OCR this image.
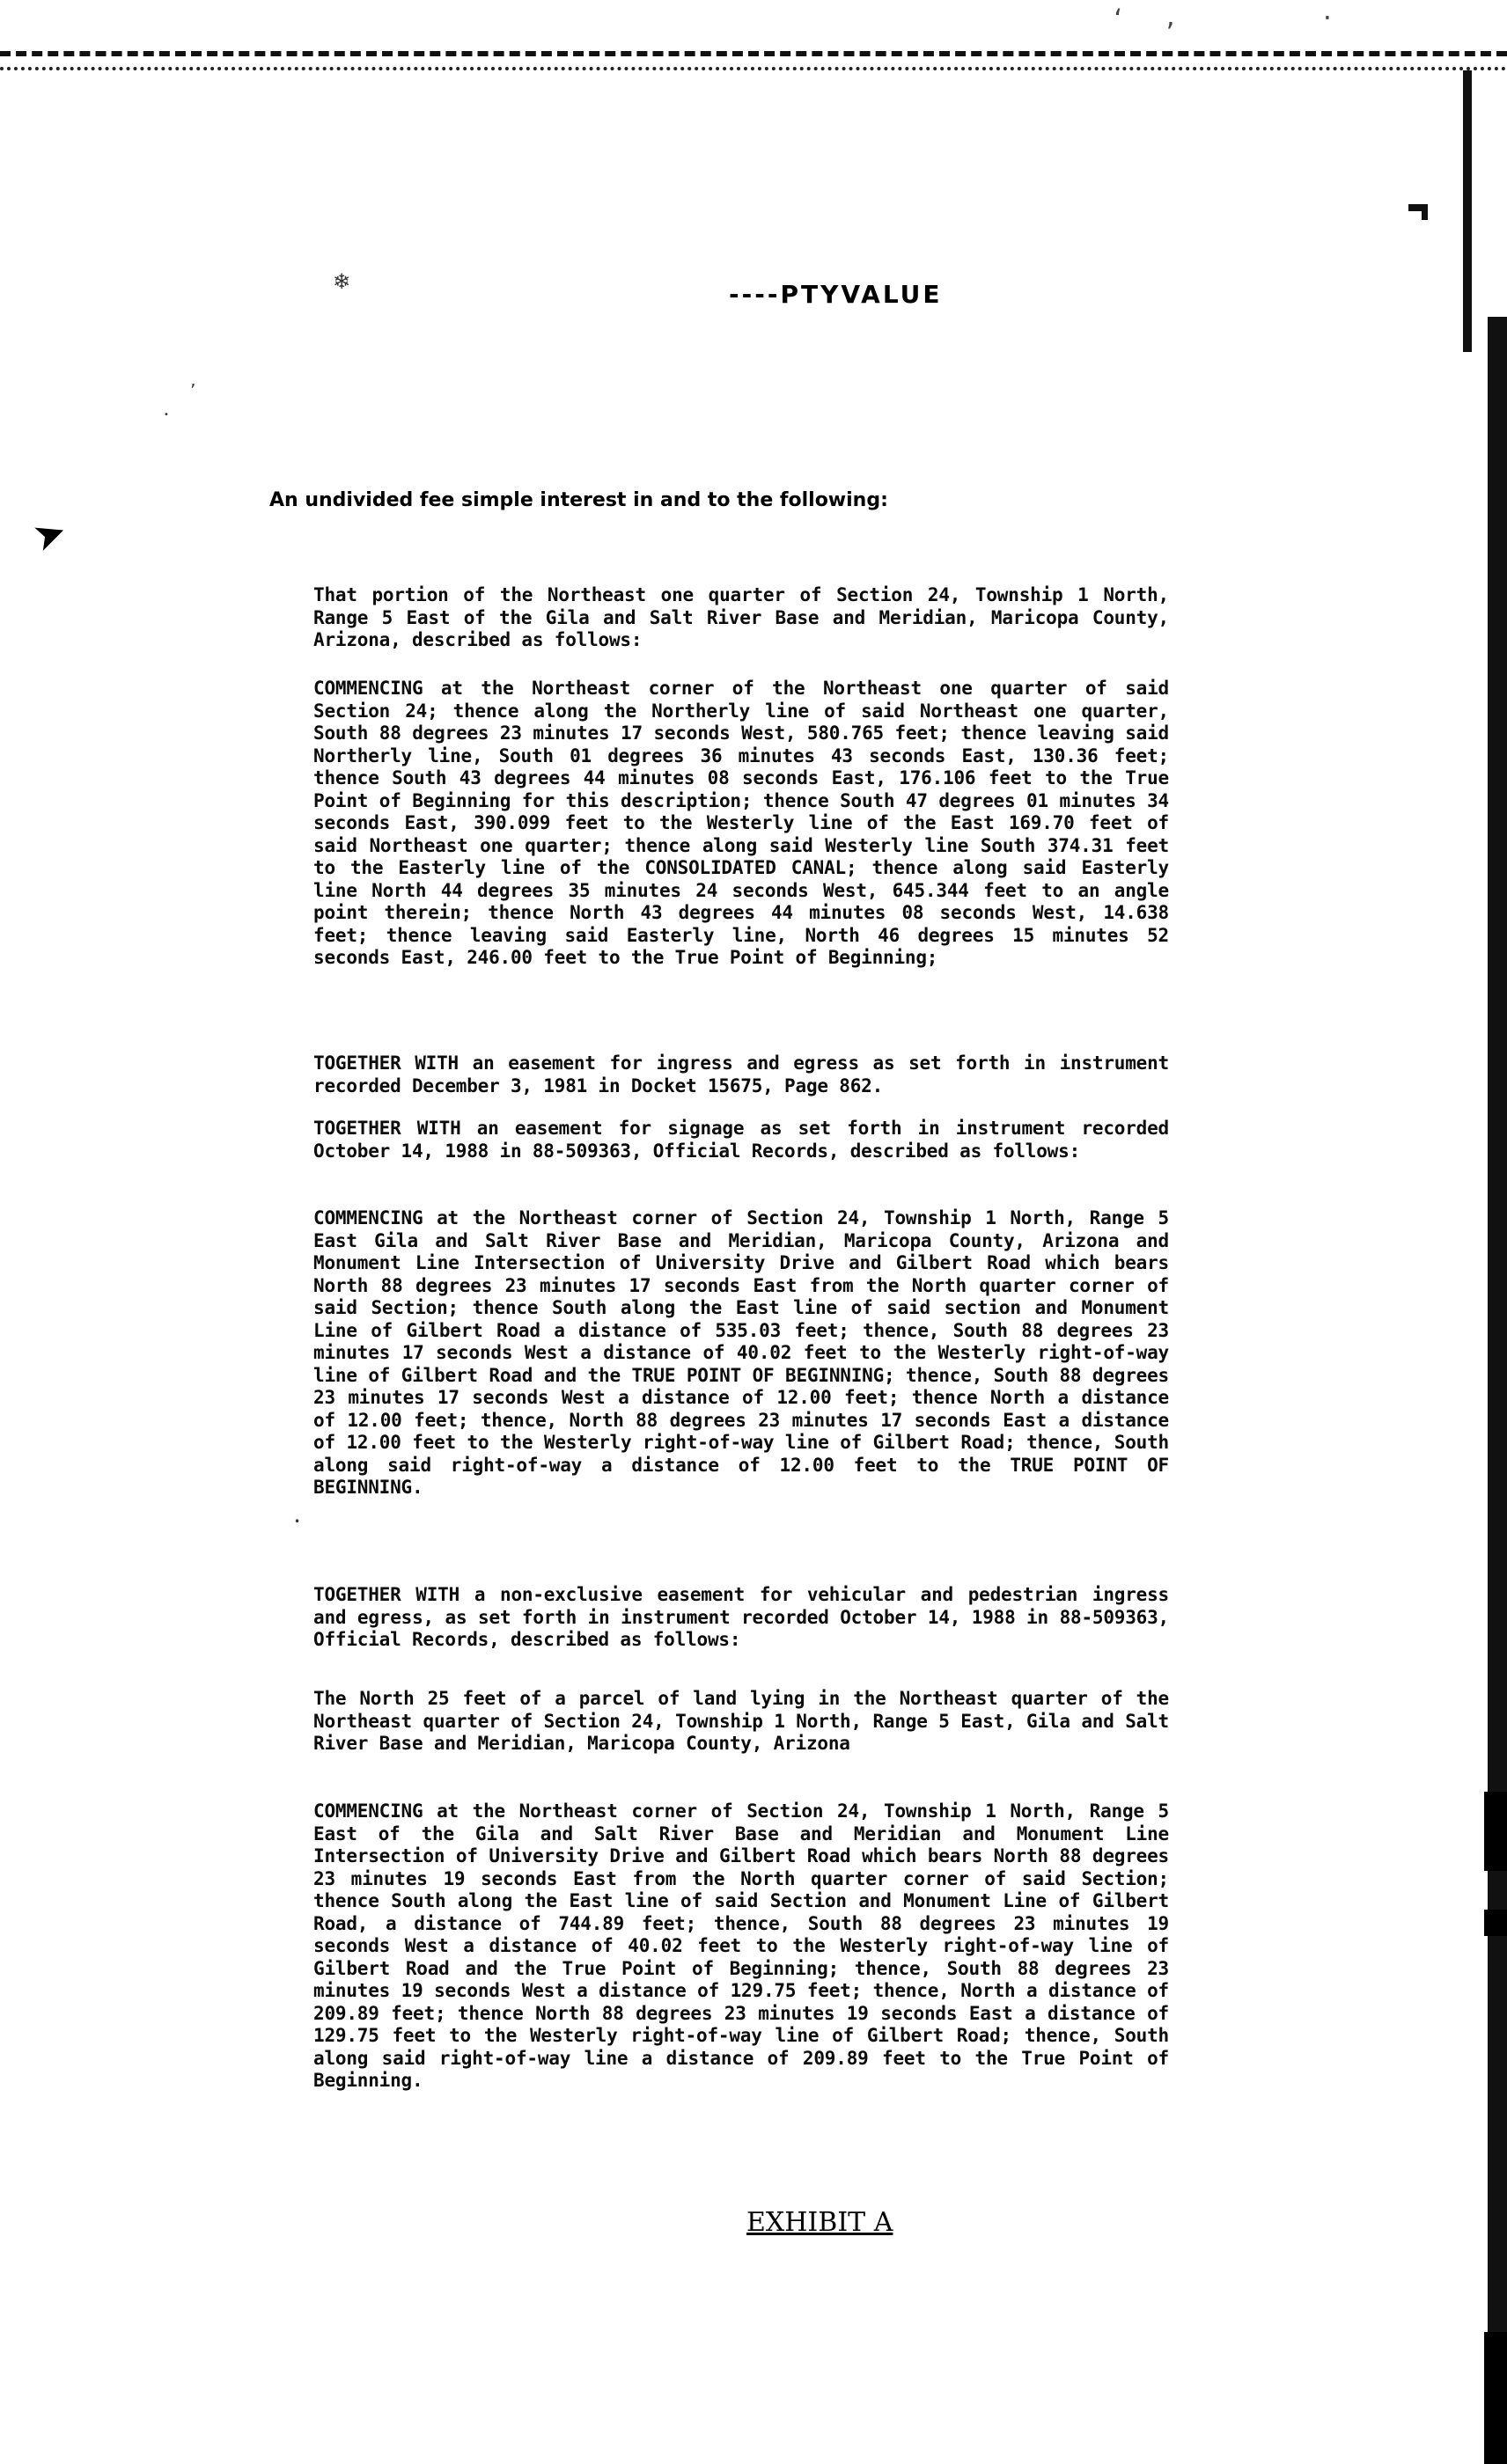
‘ ,	⋅
➤
❄
’
•
•
----PTYVALUE
An undivided fee simple interest in and to the following:

That portion of the Northeast one quarter of Section 24, Township 1 North, Range 5 East of the Gila and Salt River Base and Meridian, Maricopa County, Arizona, described as follows:

COMMENCING at the Northeast corner of the Northeast one quarter of said Section 24; thence along the Northerly line of said Northeast one quarter, South 88 degrees 23 minutes 17 seconds West, 580.765 feet; thence leaving said Northerly line, South 01 degrees 36 minutes 43 seconds East, 130.36 feet; thence South 43 degrees 44 minutes 08 seconds East, 176.106 feet to the True Point of Beginning for this description; thence South 47 degrees 01 minutes 34 seconds East, 390.099 feet to the Westerly line of the East 169.70 feet of said Northeast one quarter; thence along said Westerly line South 374.31 feet to the Easterly line of the CONSOLIDATED CANAL; thence along said Easterly line North 44 degrees 35 minutes 24 seconds West, 645.344 feet to an angle point therein; thence North 43 degrees 44 minutes 08 seconds West, 14.638 feet; thence leaving said Easterly line, North 46 degrees 15 minutes 52 seconds East, 246.00 feet to the True Point of Beginning;

TOGETHER WITH an easement for ingress and egress as set forth in instrument recorded December 3, 1981 in Docket 15675, Page 862.

TOGETHER WITH an easement for signage as set forth in instrument recorded October 14, 1988 in 88-509363, Official Records, described as follows:

COMMENCING at the Northeast corner of Section 24, Township 1 North, Range 5 East Gila and Salt River Base and Meridian, Maricopa County, Arizona and Monument Line Intersection of University Drive and Gilbert Road which bears North 88 degrees 23 minutes 17 seconds East from the North quarter corner of said Section; thence South along the East line of said section and Monument Line of Gilbert Road a distance of 535.03 feet; thence, South 88 degrees 23 minutes 17 seconds West a distance of 40.02 feet to the Westerly right-of-way line of Gilbert Road and the TRUE POINT OF BEGINNING; thence, South 88 degrees 23 minutes 17 seconds West a distance of 12.00 feet; thence North a distance of 12.00 feet; thence, North 88 degrees 23 minutes 17 seconds East a distance of 12.00 feet to the Westerly right-of-way line of Gilbert Road; thence, South along said right-of-way a distance of 12.00 feet to the TRUE POINT OF BEGINNING.

TOGETHER WITH a non-exclusive easement for vehicular and pedestrian ingress and egress, as set forth in instrument recorded October 14, 1988 in 88-509363, Official Records, described as follows:

The North 25 feet of a parcel of land lying in the Northeast quarter of the Northeast quarter of Section 24, Township 1 North, Range 5 East, Gila and Salt River Base and Meridian, Maricopa County, Arizona

COMMENCING at the Northeast corner of Section 24, Township 1 North, Range 5 East of the Gila and Salt River Base and Meridian and Monument Line Intersection of University Drive and Gilbert Road which bears North 88 degrees 23 minutes 19 seconds East from the North quarter corner of said Section; thence South along the East line of said Section and Monument Line of Gilbert Road, a distance of 744.89 feet; thence, South 88 degrees 23 minutes 19 seconds West a distance of 40.02 feet to the Westerly right-of-way line of Gilbert Road and the True Point of Beginning; thence, South 88 degrees 23 minutes 19 seconds West a distance of 129.75 feet; thence, North a distance of 209.89 feet; thence North 88 degrees 23 minutes 19 seconds East a distance of 129.75 feet to the Westerly right-of-way line of Gilbert Road; thence, South along said right-of-way line a distance of 209.89 feet to the True Point of Beginning.

EXHIBIT A
